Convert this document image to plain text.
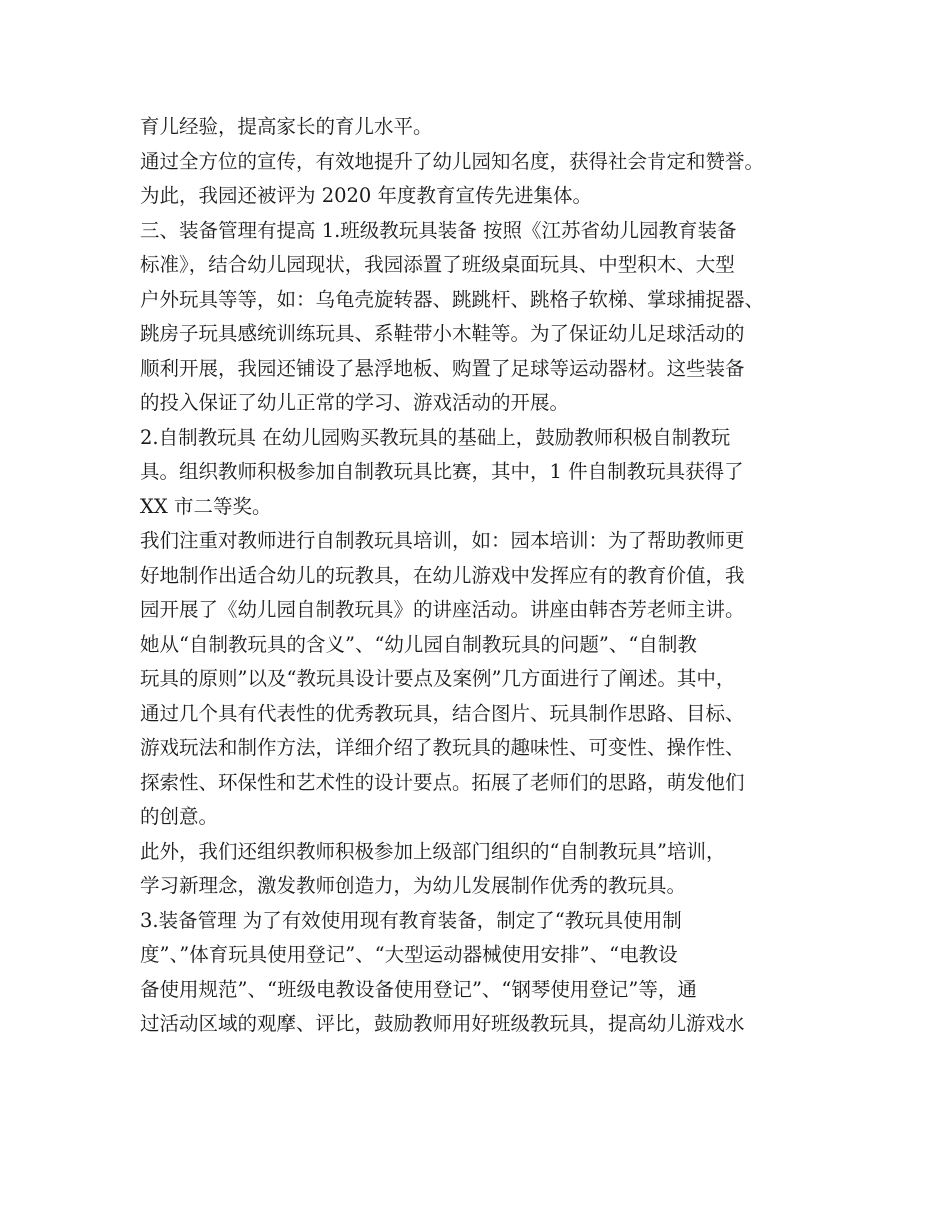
育儿经验，提高家长的育儿水平。
通过全方位的宣传，有效地提升了幼儿园知名度，获得社会肯定和赞誉。
为此，我园还被评为 2020 年度教育宣传先进集体。
三、装备管理有提高 1.班级教玩具装备 按照《江苏省幼儿园教育装备
标准》，结合幼儿园现状，我园添置了班级桌面玩具、中型积木、大型
户外玩具等等，如：乌龟壳旋转器、跳跳杆、跳格子软梯、掌球捕捉器、
跳房子玩具感统训练玩具、系鞋带小木鞋等。为了保证幼儿足球活动的
顺利开展，我园还铺设了悬浮地板、购置了足球等运动器材。这些装备
的投入保证了幼儿正常的学习、游戏活动的开展。
2.自制教玩具 在幼儿园购买教玩具的基础上，鼓励教师积极自制教玩
具。组织教师积极参加自制教玩具比赛，其中，1 件自制教玩具获得了
XX 市二等奖。
我们注重对教师进行自制教玩具培训，如：园本培训：为了帮助教师更
好地制作出适合幼儿的玩教具，在幼儿游戏中发挥应有的教育价值，我
园开展了《幼儿园自制教玩具》的讲座活动。讲座由韩杏芳老师主讲。
她从“自制教玩具的含义”、“幼儿园自制教玩具的问题”、“自制教
玩具的原则”以及“教玩具设计要点及案例”几方面进行了阐述。其中，
通过几个具有代表性的优秀教玩具，结合图片、玩具制作思路、目标、
游戏玩法和制作方法，详细介绍了教玩具的趣味性、可变性、操作性、
探索性、环保性和艺术性的设计要点。拓展了老师们的思路，萌发他们
的创意。
此外，我们还组织教师积极参加上级部门组织的“自制教玩具”培训，
学习新理念，激发教师创造力，为幼儿发展制作优秀的教玩具。
3.装备管理 为了有效使用现有教育装备，制定了“教玩具使用制
度”、”体育玩具使用登记”、“大型运动器械使用安排”、“电教设
备使用规范”、“班级电教设备使用登记”、“钢琴使用登记”等，通
过活动区域的观摩、评比，鼓励教师用好班级教玩具，提高幼儿游戏水
